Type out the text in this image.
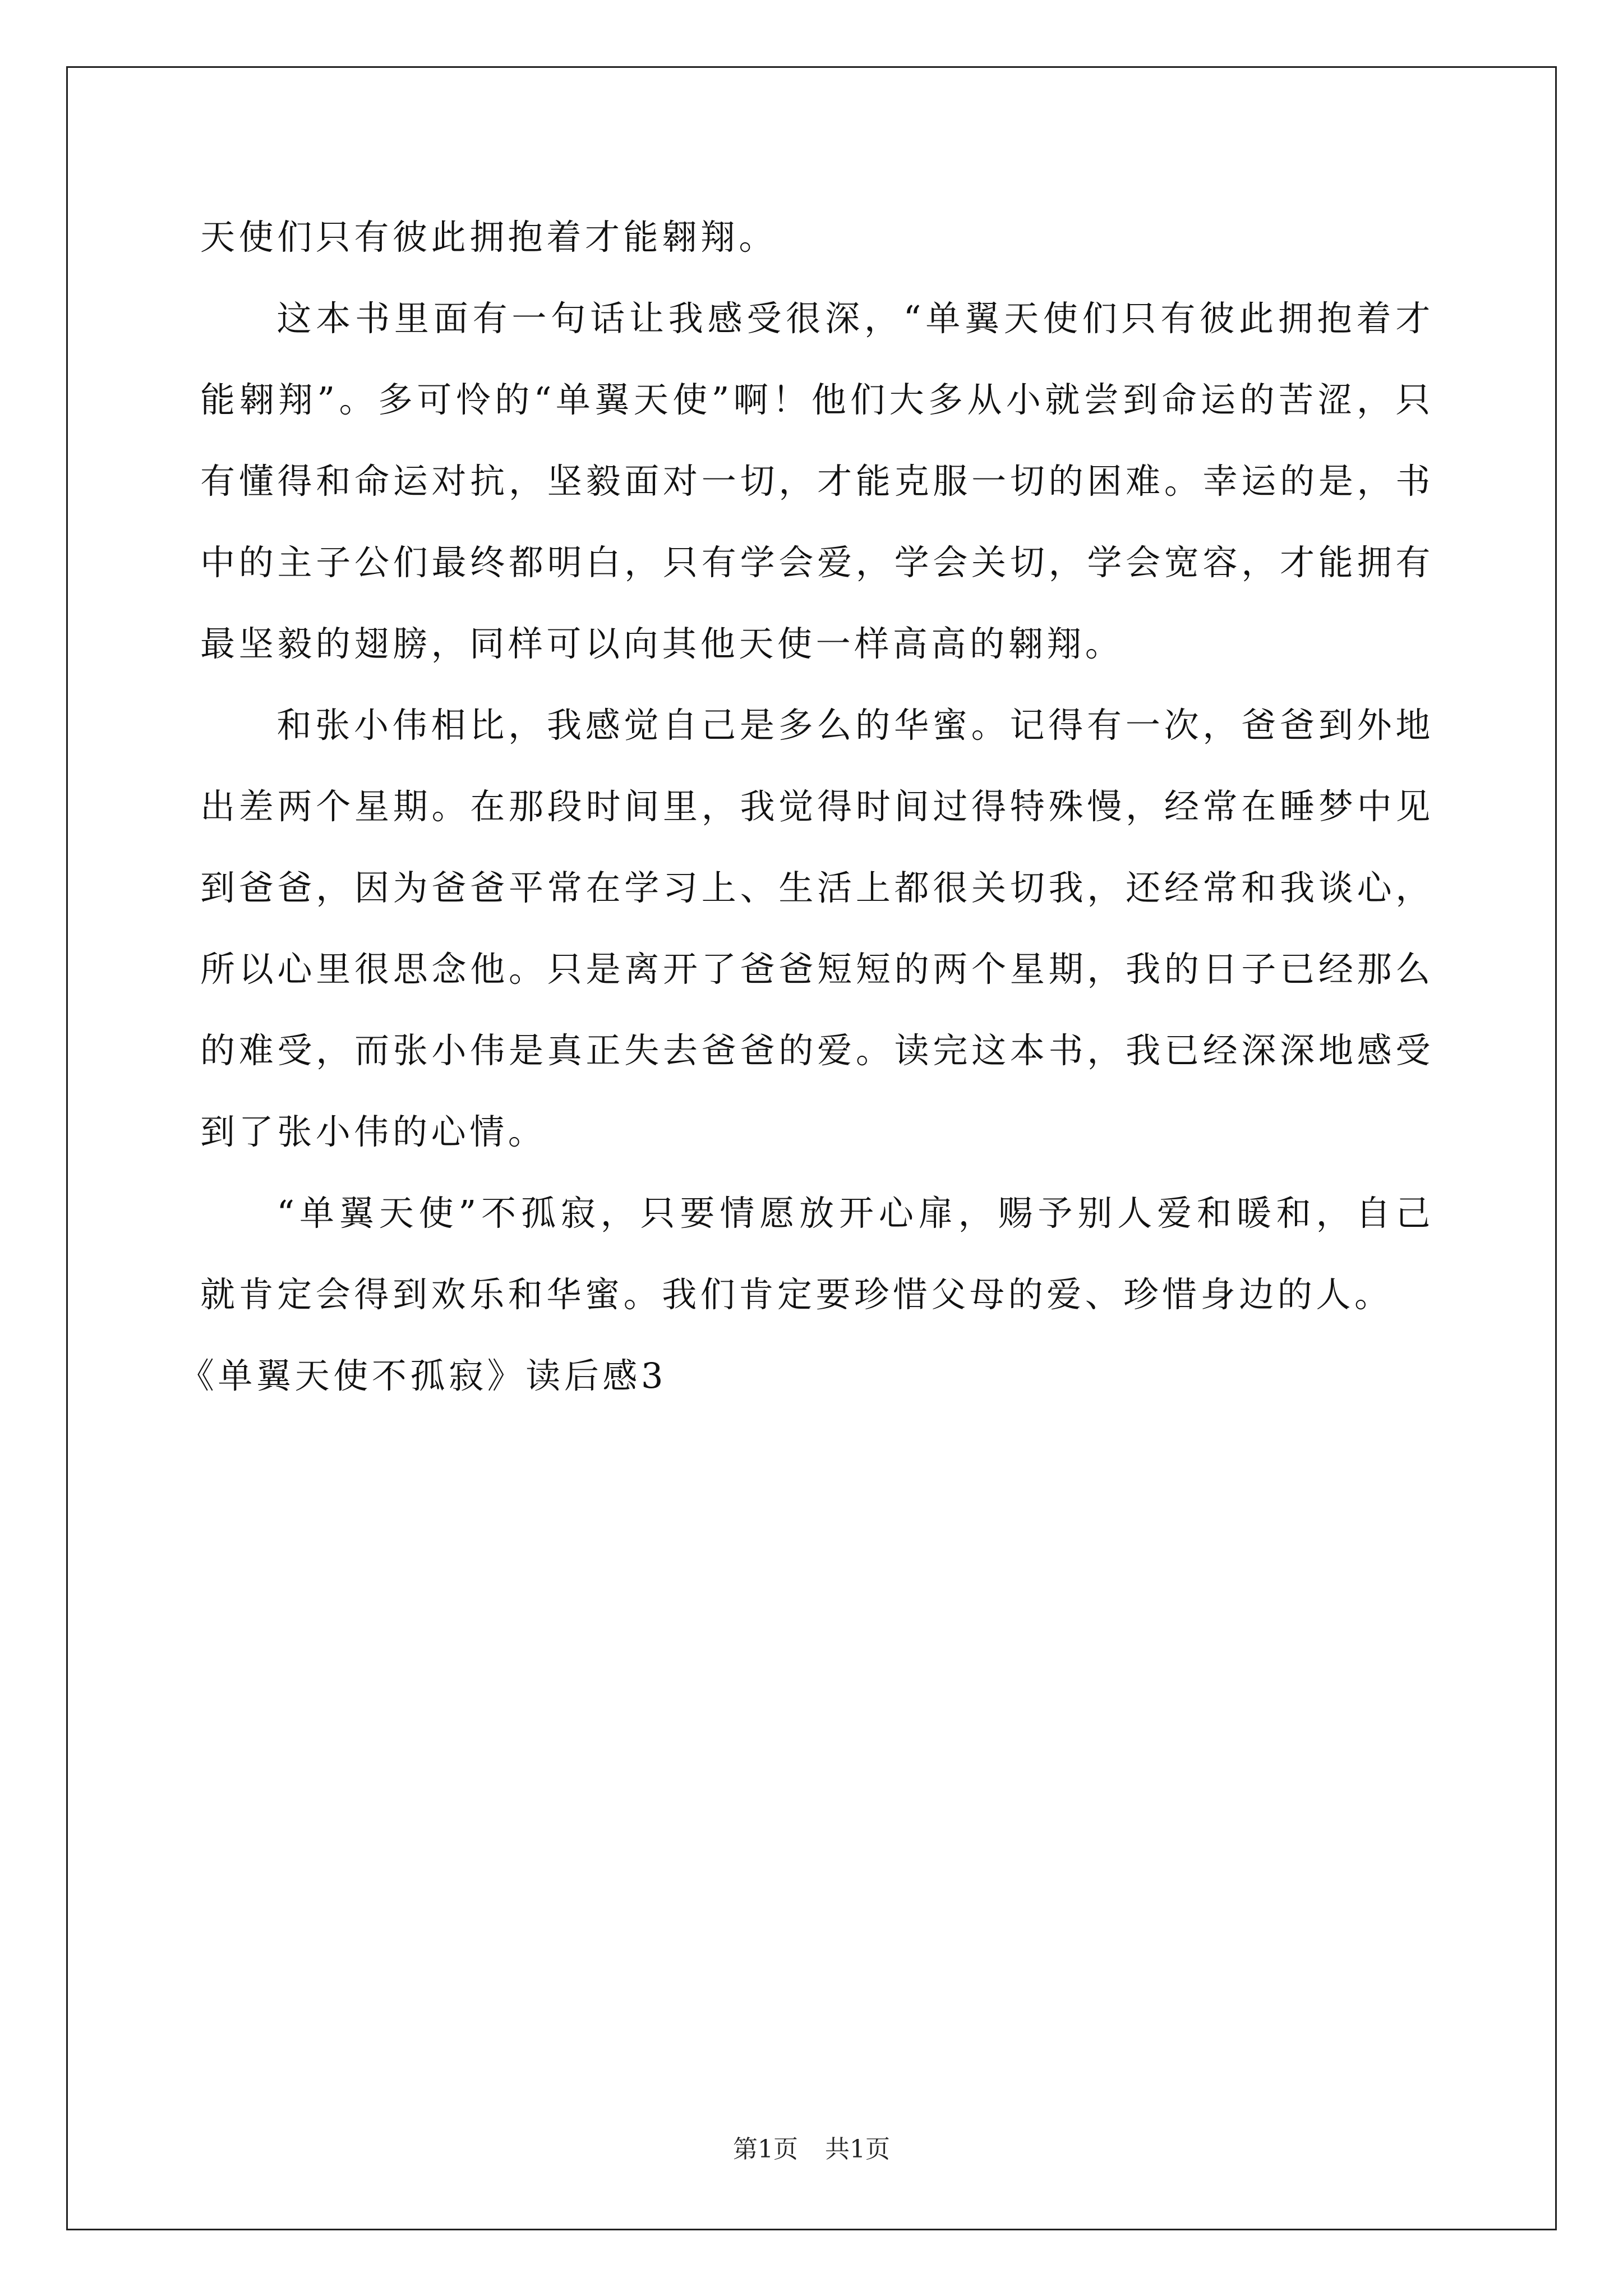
天使们只有彼此拥抱着才能翱翔。

这本书里面有一句话让我感受很深，“单翼天使们只有彼此拥抱着才能翱翔”。多可怜的“单翼天使”啊！他们大多从小就尝到命运的苦涩，只有懂得和命运对抗，坚毅面对一切，才能克服一切的困难。幸运的是，书中的主子公们最终都明白，只有学会爱，学会关切，学会宽容，才能拥有最坚毅的翅膀，同样可以向其他天使一样高高的翱翔。

和张小伟相比，我感觉自己是多么的华蜜。记得有一次，爸爸到外地出差两个星期。在那段时间里，我觉得时间过得特殊慢，经常在睡梦中见到爸爸，因为爸爸平常在学习上、生活上都很关切我，还经常和我谈心，所以心里很思念他。只是离开了爸爸短短的两个星期，我的日子已经那么的难受，而张小伟是真正失去爸爸的爱。读完这本书，我已经深深地感受到了张小伟的心情。

“单翼天使”不孤寂，只要情愿放开心扉，赐予别人爱和暖和，自己就肯定会得到欢乐和华蜜。我们肯定要珍惜父母的爱、珍惜身边的人。

《单翼天使不孤寂》读后感3

第1页 共1页
